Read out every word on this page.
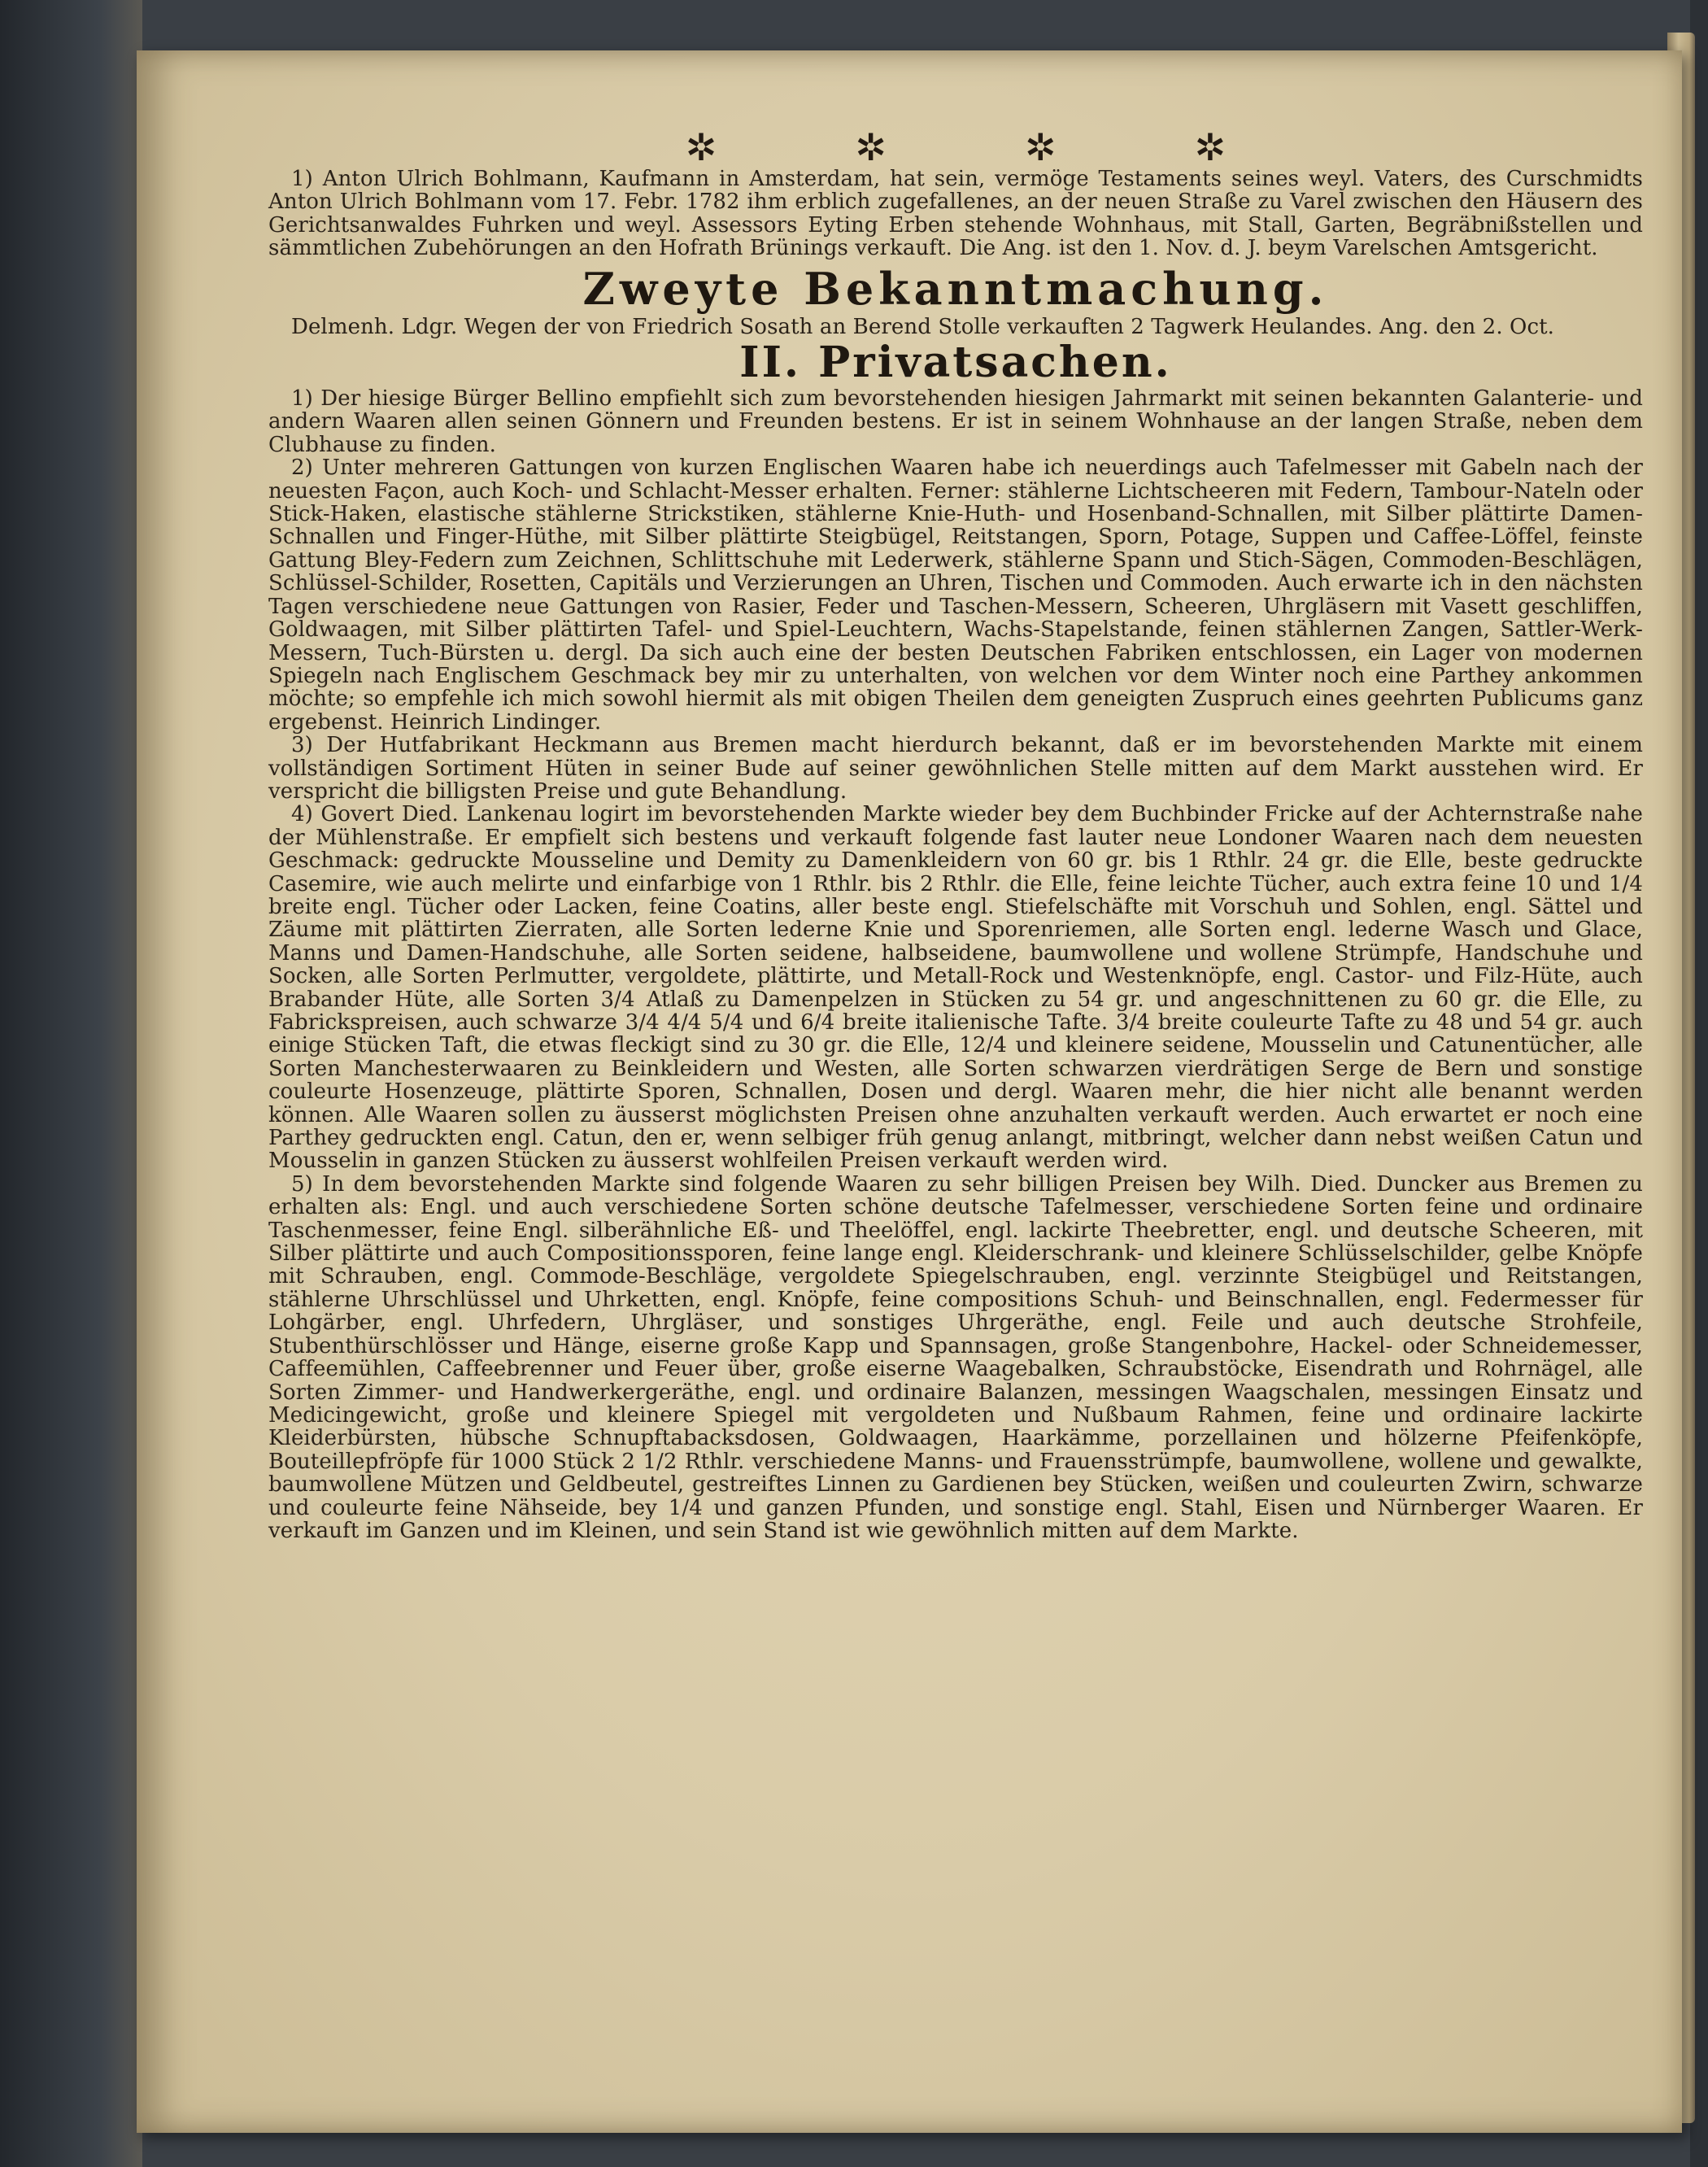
✲	✲	✲	✲

1) Anton Ulrich Bohlmann, Kaufmann in Amsterdam, hat sein, vermöge Testaments seines weyl. Vaters, des Curschmidts Anton Ulrich Bohlmann vom 17. Febr. 1782 ihm erblich zugefallenes, an der neuen Straße zu Varel zwischen den Häusern des Gerichtsanwaldes Fuhrken und weyl. Assessors Eyting Erben stehende Wohnhaus, mit Stall, Garten, Begräbnißstellen und sämmtlichen Zubehörungen an den Hofrath Brünings verkauft. Die Ang. ist den 1. Nov. d. J. beym Varelschen Amtsgericht.

Zweyte Bekanntmachung.

Delmenh. Ldgr. Wegen der von Friedrich Sosath an Berend Stolle verkauften 2 Tagwerk Heulandes. Ang. den 2. Oct.

II. Privatsachen.

1) Der hiesige Bürger Bellino empfiehlt sich zum bevorstehenden hiesigen Jahrmarkt mit seinen bekannten Galanterie- und andern Waaren allen seinen Gönnern und Freunden bestens. Er ist in seinem Wohnhause an der langen Straße, neben dem Clubhause zu finden.

2) Unter mehreren Gattungen von kurzen Englischen Waaren habe ich neuerdings auch Tafelmesser mit Gabeln nach der neuesten Façon, auch Koch- und Schlacht-Messer erhalten. Ferner: stählerne Lichtscheeren mit Federn, Tambour-Nateln oder Stick-Haken, elastische stählerne Strickstiken, stählerne Knie-Huth- und Hosenband-Schnallen, mit Silber plättirte Damen-Schnallen und Finger-Hüthe, mit Silber plättirte Steigbügel, Reitstangen, Sporn, Potage, Suppen und Caffee-Löffel, feinste Gattung Bley-Federn zum Zeichnen, Schlittschuhe mit Lederwerk, stählerne Spann und Stich-Sägen, Commoden-Beschlägen, Schlüssel-Schilder, Rosetten, Capitäls und Verzierungen an Uhren, Tischen und Commoden. Auch erwarte ich in den nächsten Tagen verschiedene neue Gattungen von Rasier, Feder und Taschen-Messern, Scheeren, Uhrgläsern mit Vasett geschliffen, Goldwaagen, mit Silber plättirten Tafel- und Spiel-Leuchtern, Wachs-Stapelstande, feinen stählernen Zangen, Sattler-Werk-Messern, Tuch-Bürsten u. dergl. Da sich auch eine der besten Deutschen Fabriken entschlossen, ein Lager von modernen Spiegeln nach Englischem Geschmack bey mir zu unterhalten, von welchen vor dem Winter noch eine Parthey ankommen möchte; so empfehle ich mich sowohl hiermit als mit obigen Theilen dem geneigten Zuspruch eines geehrten Publicums ganz ergebenst. Heinrich Lindinger.

3) Der Hutfabrikant Heckmann aus Bremen macht hierdurch bekannt, daß er im bevorstehenden Markte mit einem vollständigen Sortiment Hüten in seiner Bude auf seiner gewöhnlichen Stelle mitten auf dem Markt ausstehen wird. Er verspricht die billigsten Preise und gute Behandlung.

4) Govert Died. Lankenau logirt im bevorstehenden Markte wieder bey dem Buchbinder Fricke auf der Achternstraße nahe der Mühlenstraße. Er empfielt sich bestens und verkauft folgende fast lauter neue Londoner Waaren nach dem neuesten Geschmack: gedruckte Mousseline und Demity zu Damenkleidern von 60 gr. bis 1 Rthlr. 24 gr. die Elle, beste gedruckte Casemire, wie auch melirte und einfarbige von 1 Rthlr. bis 2 Rthlr. die Elle, feine leichte Tücher, auch extra feine 10 und 1/4 breite engl. Tücher oder Lacken, feine Coatins, aller beste engl. Stiefelschäfte mit Vorschuh und Sohlen, engl. Sättel und Zäume mit plättirten Zierraten, alle Sorten lederne Knie und Sporenriemen, alle Sorten engl. lederne Wasch und Glace, Manns und Damen-Handschuhe, alle Sorten seidene, halbseidene, baumwollene und wollene Strümpfe, Handschuhe und Socken, alle Sorten Perlmutter, vergoldete, plättirte, und Metall-Rock und Westenknöpfe, engl. Castor- und Filz-Hüte, auch Brabander Hüte, alle Sorten 3/4 Atlaß zu Damenpelzen in Stücken zu 54 gr. und angeschnittenen zu 60 gr. die Elle, zu Fabrickspreisen, auch schwarze 3/4 4/4 5/4 und 6/4 breite italienische Tafte. 3/4 breite couleurte Tafte zu 48 und 54 gr. auch einige Stücken Taft, die etwas fleckigt sind zu 30 gr. die Elle, 12/4 und kleinere seidene, Mousselin und Catunentücher, alle Sorten Manchesterwaaren zu Beinkleidern und Westen, alle Sorten schwarzen vierdrätigen Serge de Bern und sonstige couleurte Hosenzeuge, plättirte Sporen, Schnallen, Dosen und dergl. Waaren mehr, die hier nicht alle benannt werden können. Alle Waaren sollen zu äusserst möglichsten Preisen ohne anzuhalten verkauft werden. Auch erwartet er noch eine Parthey gedruckten engl. Catun, den er, wenn selbiger früh genug anlangt, mitbringt, welcher dann nebst weißen Catun und Mousselin in ganzen Stücken zu äusserst wohlfeilen Preisen verkauft werden wird.

5) In dem bevorstehenden Markte sind folgende Waaren zu sehr billigen Preisen bey Wilh. Died. Duncker aus Bremen zu erhalten als: Engl. und auch verschiedene Sorten schöne deutsche Tafelmesser, verschiedene Sorten feine und ordinaire Taschenmesser, feine Engl. silberähnliche Eß- und Theelöffel, engl. lackirte Theebretter, engl. und deutsche Scheeren, mit Silber plättirte und auch Compositionssporen, feine lange engl. Kleiderschrank- und kleinere Schlüsselschilder, gelbe Knöpfe mit Schrauben, engl. Commode-Beschläge, vergoldete Spiegelschrauben, engl. verzinnte Steigbügel und Reitstangen, stählerne Uhrschlüssel und Uhrketten, engl. Knöpfe, feine compositions Schuh- und Beinschnallen, engl. Federmesser für Lohgärber, engl. Uhrfedern, Uhrgläser, und sonstiges Uhrgeräthe, engl. Feile und auch deutsche Strohfeile, Stubenthürschlösser und Hänge, eiserne große Kapp und Spannsagen, große Stangenbohre, Hackel- oder Schneidemesser, Caffeemühlen, Caffeebrenner und Feuer über, große eiserne Waagebalken, Schraubstöcke, Eisendrath und Rohrnägel, alle Sorten Zimmer- und Handwerkergeräthe, engl. und ordinaire Balanzen, messingen Waagschalen, messingen Einsatz und Medicingewicht, große und kleinere Spiegel mit vergoldeten und Nußbaum Rahmen, feine und ordinaire lackirte Kleiderbürsten, hübsche Schnupftabacksdosen, Goldwaagen, Haarkämme, porzellainen und hölzerne Pfeifenköpfe, Bouteillepfröpfe für 1000 Stück 2 1/2 Rthlr. verschiedene Manns- und Frauensstrümpfe, baumwollene, wollene und gewalkte, baumwollene Mützen und Geldbeutel, gestreiftes Linnen zu Gardienen bey Stücken, weißen und couleurten Zwirn, schwarze und couleurte feine Nähseide, bey 1/4 und ganzen Pfunden, und sonstige engl. Stahl, Eisen und Nürnberger Waaren. Er verkauft im Ganzen und im Kleinen, und sein Stand ist wie gewöhnlich mitten auf dem Markte.
